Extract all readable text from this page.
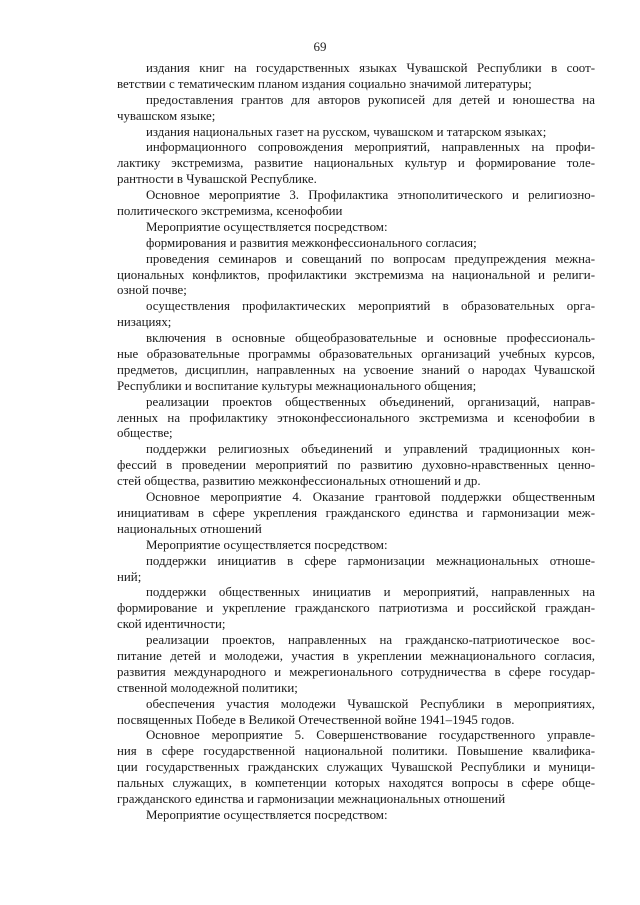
69
издания книг на государственных языках Чувашской Республики в соот-
ветствии с тематическим планом издания социально значимой литературы;
предоставления грантов для авторов рукописей для детей и юношества на
чувашском языке;
издания национальных газет на русском, чувашском и татарском языках;
информационного сопровождения мероприятий, направленных на профи-
лактику экстремизма, развитие национальных культур и формирование толе-
рантности в Чувашской Республике.
Основное мероприятие 3. Профилактика этнополитического и религиозно-
политического экстремизма, ксенофобии
Мероприятие осуществляется посредством:
формирования и развития межконфессионального согласия;
проведения семинаров и совещаний по вопросам предупреждения межна-
циональных конфликтов, профилактики экстремизма на национальной и религи-
озной почве;
осуществления профилактических мероприятий в образовательных орга-
низациях;
включения в основные общеобразовательные и основные профессиональ-
ные образовательные программы образовательных организаций учебных курсов,
предметов, дисциплин, направленных на усвоение знаний о народах Чувашской
Республики и воспитание культуры межнационального общения;
реализации проектов общественных объединений, организаций, направ-
ленных на профилактику этноконфессионального экстремизма и ксенофобии в
обществе;
поддержки религиозных объединений и управлений традиционных кон-
фессий в проведении мероприятий по развитию духовно-нравственных ценно-
стей общества, развитию межконфессиональных отношений и др.
Основное мероприятие 4. Оказание грантовой поддержки общественным
инициативам в сфере укрепления гражданского единства и гармонизации меж-
национальных отношений
Мероприятие осуществляется посредством:
поддержки инициатив в сфере гармонизации межнациональных отноше-
ний;
поддержки общественных инициатив и мероприятий, направленных на
формирование и укрепление гражданского патриотизма и российской граждан-
ской идентичности;
реализации проектов, направленных на гражданско-патриотическое вос-
питание детей и молодежи, участия в укреплении межнационального согласия,
развития международного и межрегионального сотрудничества в сфере государ-
ственной молодежной политики;
обеспечения участия молодежи Чувашской Республики в мероприятиях,
посвященных Победе в Великой Отечественной войне 1941–1945 годов.
Основное мероприятие 5. Совершенствование государственного управле-
ния в сфере государственной национальной политики. Повышение квалифика-
ции государственных гражданских служащих Чувашской Республики и муници-
пальных служащих, в компетенции которых находятся вопросы в сфере обще-
гражданского единства и гармонизации межнациональных отношений
Мероприятие осуществляется посредством:
